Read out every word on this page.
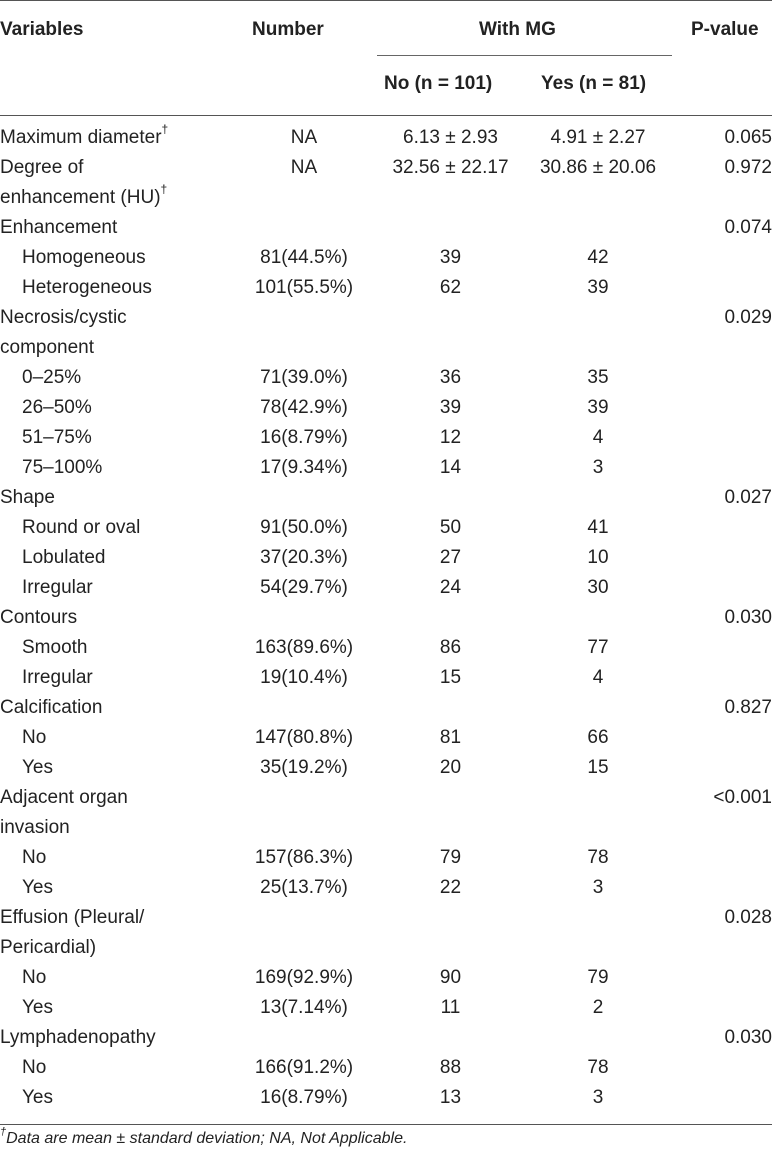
Variables	Number	With MG	P-value
No (n = 101)	Yes (n = 81)
Maximum diameter†	NA	6.13 ± 2.93	4.91 ± 2.27	0.065
Degree of	NA	32.56 ± 22.17	30.86 ± 20.06	0.972
enhancement (HU)†				
Enhancement				0.074
Homogeneous	81(44.5%)	39	42	
Heterogeneous	101(55.5%)	62	39	
Necrosis/cystic				0.029
component				
0–25%	71(39.0%)	36	35	
26–50%	78(42.9%)	39	39	
51–75%	16(8.79%)	12	4	
75–100%	17(9.34%)	14	3	
Shape				0.027
Round or oval	91(50.0%)	50	41	
Lobulated	37(20.3%)	27	10	
Irregular	54(29.7%)	24	30	
Contours				0.030
Smooth	163(89.6%)	86	77	
Irregular	19(10.4%)	15	4	
Calcification				0.827
No	147(80.8%)	81	66	
Yes	35(19.2%)	20	15	
Adjacent organ				<0.001
invasion				
No	157(86.3%)	79	78	
Yes	25(13.7%)	22	3	
Effusion (Pleural/				0.028
Pericardial)				
No	169(92.9%)	90	79	
Yes	13(7.14%)	11	2	
Lymphadenopathy				0.030
No	166(91.2%)	88	78	
Yes	16(8.79%)	13	3	
†Data are mean ± standard deviation; NA, Not Applicable.
